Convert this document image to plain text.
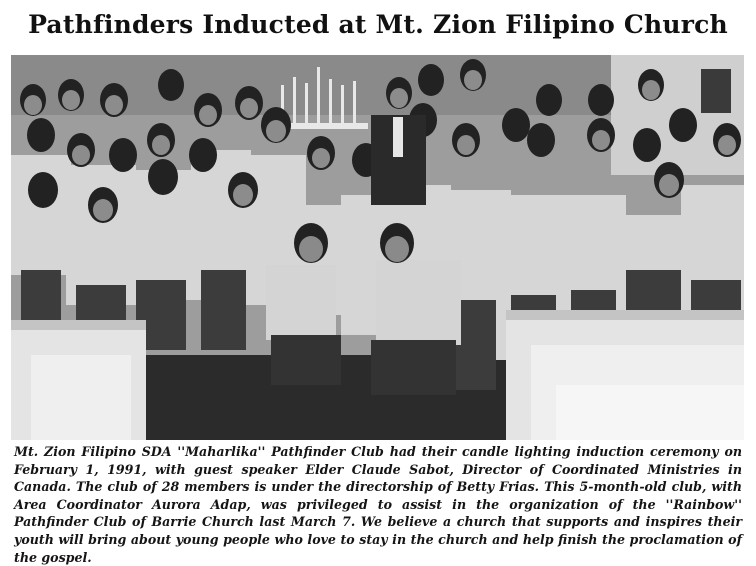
Pathfinders Inducted at Mt. Zion Filipino Church

Mt. Zion Filipino SDA ''Maharlika'' Pathfinder Club had their candle lighting induction ceremony on February 1, 1991, with guest speaker Elder Claude Sabot, Director of Coordinated Ministries in Canada. The club of 28 members is under the directorship of Betty Frias. This 5-month-old club, with Area Coordinator Aurora Adap, was privileged to assist in the organization of the ''Rainbow'' Pathfinder Club of Barrie Church last March 7. We believe a church that supports and inspires their youth will bring about young people who love to stay in the church and help finish the proclamation of the gospel.
